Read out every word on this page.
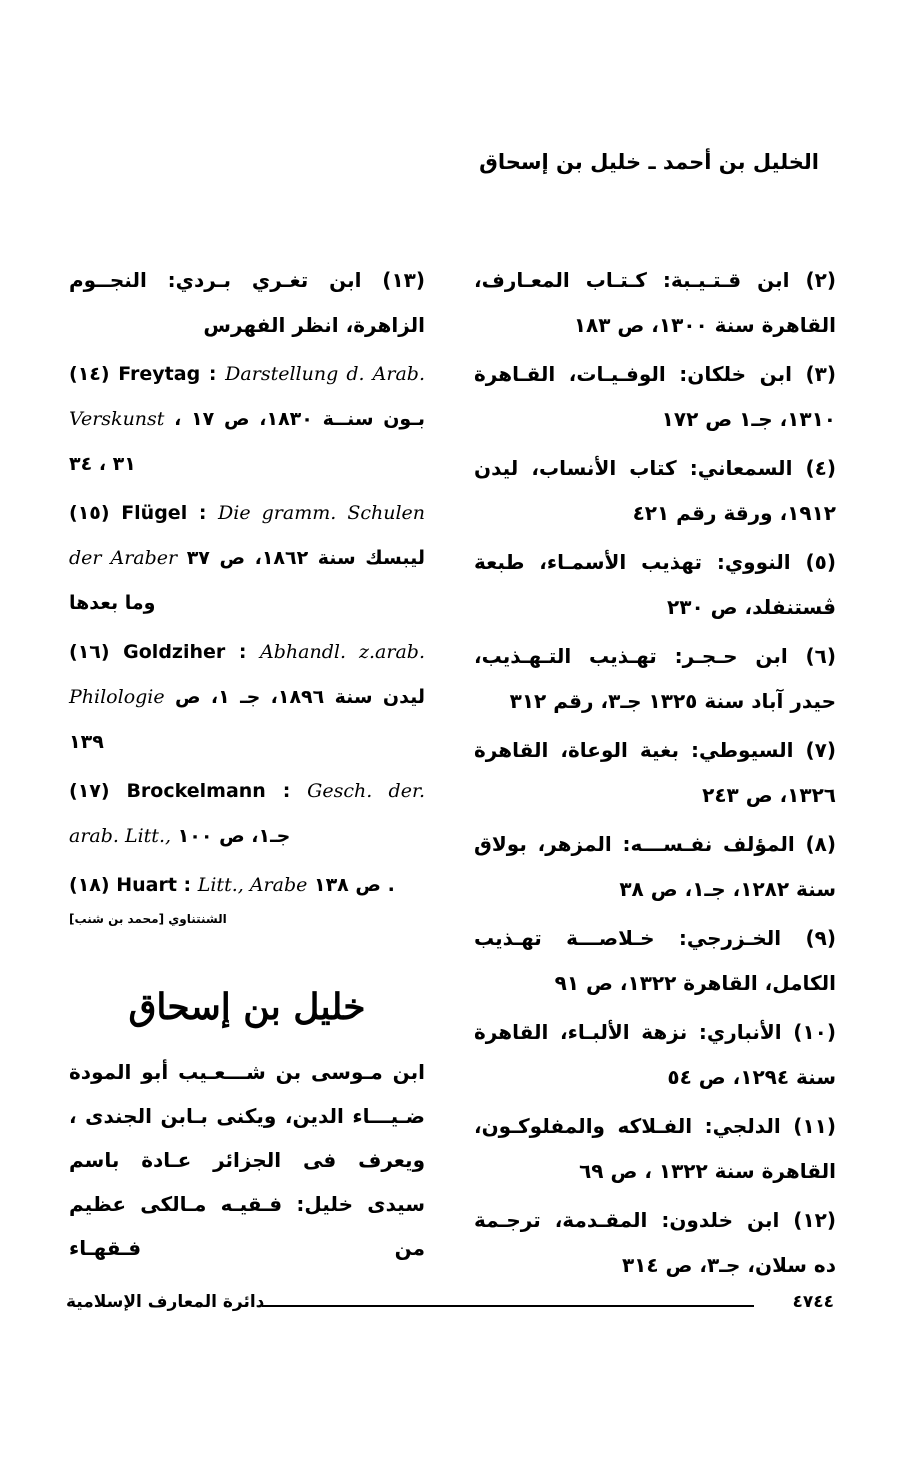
الخليل بن أحمد ـ خليل بن إسحاق
(٢) ابن قـتـيـبة: كـتـاب المعـارف، القاهرة سنة ١٣٠٠، ص ١٨٣
(٣) ابن خلكان: الوفـيـات، القـاهرة ١٣١٠، جـ١ ص ١٧٢
(٤) السمعاني: كتاب الأنساب، ليدن ١٩١٢، ورقة رقم ٤٢١
(٥) النووي: تهذيب الأسمـاء، طبعة ڤستنفلد، ص ٢٣٠
(٦) ابن حـجـر: تهـذيب التـهـذيب، حيدر آباد سنة ١٣٢٥ جـ٣، رقم ٣١٢
(٧) السيوطي: بغية الوعاة، القاهرة ١٣٢٦، ص ٢٤٣
(٨) المؤلف نفـســـه: المزهر، بولاق سنة ١٢٨٢، جـ١، ص ٣٨
(٩) الخـزرجي: خـلاصـــة تهـذيب الكامل، القاهرة ١٣٢٢، ص ٩١
(١٠) الأنباري: نزهة الألبـاء، القاهرة سنة ١٢٩٤، ص ٥٤
(١١) الدلجي: الفـلاكه والمفلوكـون، القاهرة سنة ١٣٢٢ ، ص ٦٩
(١٢) ابن خلدون: المقـدمة، ترجـمة ده سلان، جـ٣، ص ٣١٤
(١٣) ابن تغـري بـردي: النجــوم الزاهرة، انظر الفهرس
(١٤) Freytag : Darstellung d. Arab. Verskunst بـون سنــة ١٨٣٠، ص ١٧ ، ٣١ ، ٣٤
(١٥) Flügel : Die gramm. Schulen der Araber ليبسك سنة ١٨٦٢، ص ٣٧ وما بعدها
(١٦) Goldziher : Abhandl. z.arab. Philologie ليدن سنة ١٨٩٦، جـ ١، ص ١٣٩
(١٧) Brockelmann : Gesch. der. arab. Litt., جـ١، ص ١٠٠
(١٨) Huart : Litt., Arabe ص ١٣٨ .
الشنتناوي [محمد بن شنب]
خليل بن إسحاق
ابن مـوسى بن شـــعـيب أبو المودة ضـيـــاء الدين، ويكنى بـابن الجندى ، ويعرف فى الجزائر عـادة باسم سيدى خليل: فـقيـه مـالكى عظيم من فـقهـاء
دائرة المعارف الإسلامية	٤٧٤٤
